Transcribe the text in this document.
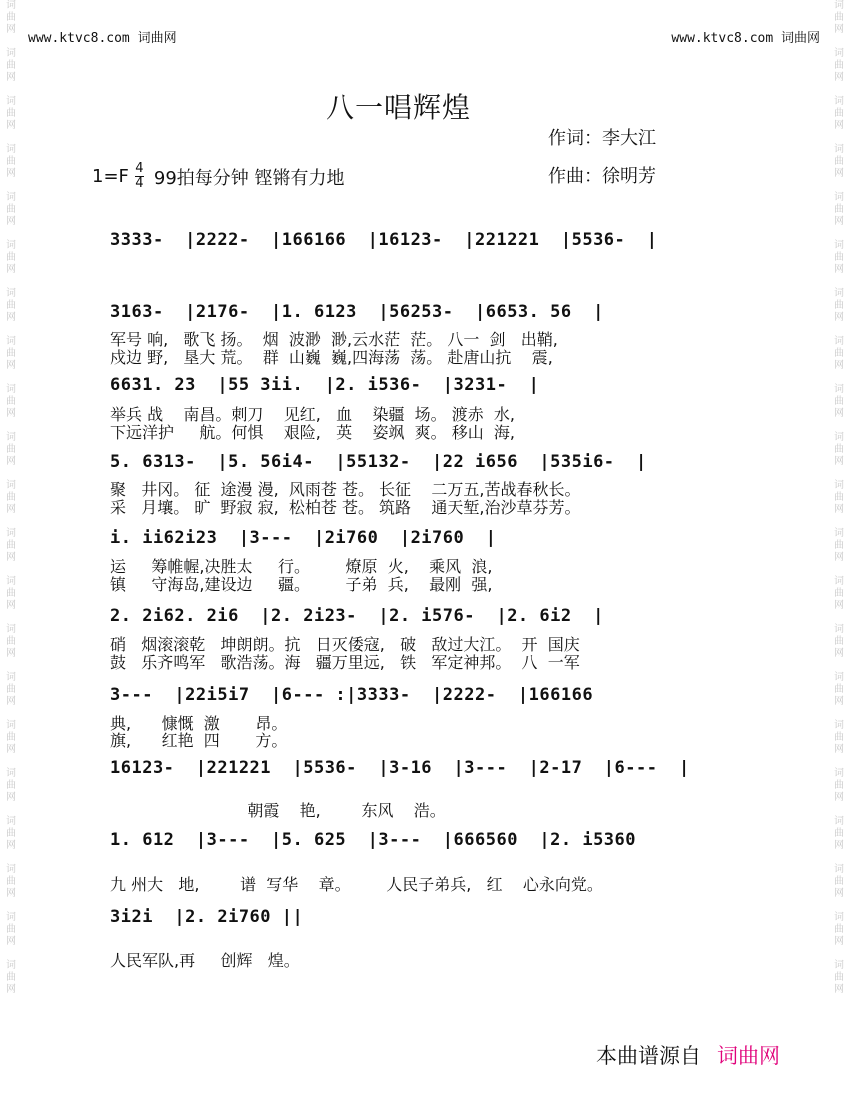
词
曲
网

词
曲
网

词
曲
网

词
曲
网

词
曲
网

词
曲
网

词
曲
网

词
曲
网

词
曲
网

词
曲
网

词
曲
网

词
曲
网

词
曲
网

词
曲
网

词
曲
网

词
曲
网

词
曲
网

词
曲
网

词
曲
网

词
曲
网

词
曲
网
词
曲
网

词
曲
网

词
曲
网

词
曲
网

词
曲
网

词
曲
网

词
曲
网

词
曲
网

词
曲
网

词
曲
网

词
曲
网

词
曲
网

词
曲
网

词
曲
网

词
曲
网

词
曲
网

词
曲
网

词
曲
网

词
曲
网

词
曲
网

词
曲
网
www.ktvc8.com 词曲网	www.ktvc8.com 词曲网
八一唱辉煌
作词：李大江
作曲：徐明芳
1=F 4
4 99拍每分钟 铿锵有力地
3333-  |2222-  |166166  |16123-  |221221  |5536-  |
3163-  |2176-  |1. 6123  |56253-  |6653. 56  |
军号 响,   歌飞 扬。  烟  波渺  渺,云水茫  茫。 八一  剑   出鞘,
戍边 野,   垦大 荒。  群  山巍  巍,四海荡  荡。 赴唐山抗    震,
6631. 23  |55 3ii.  |2. i536-  |3231-  |
举兵 战    南昌。刺刀    见红,   血    染疆  场。 渡赤  水,
下远洋护     航。何惧    艰险,   英    姿飒  爽。 移山  海,
5. 6313-  |5. 56i4-  |55132-  |22 i656  |535i6-  |
聚   井冈。 征  途漫 漫,  风雨苍 苍。 长征    二万五,苦战春秋长。
采   月壤。 旷  野寂 寂,  松柏苍 苍。 筑路    通天堑,治沙草芬芳。
i. ii62i23  |3---  |2i760  |2i760  |
运     筹帷幄,决胜太     行。       燎原  火,    乘风  浪,
镇     守海岛,建设边     疆。       子弟  兵,    最刚  强,
2. 2i62. 2i6  |2. 2i23-  |2. i576-  |2. 6i2  |
硝   烟滚滚乾   坤朗朗。抗   日灭倭寇,   破   敌过大江。  开  国庆
鼓   乐齐鸣军   歌浩荡。海   疆万里远,   铁   军定神邦。  八  一军
3---  |22i5i7  |6--- :|3333-  |2222-  |166166
典,      慷慨  激       昂。
旗,      红艳  四       方。
16123-  |221221  |5536-  |3-16  |3---  |2-17  |6---  |
朝霞    艳,        东风    浩。
1. 612  |3---  |5. 625  |3---  |666560  |2. i5360
九 州大   地,        谱  写华    章。       人民子弟兵,   红    心永向党。
3i2i  |2. 2i760 ||
人民军队,再     创辉   煌。
本曲谱源自 词曲网
